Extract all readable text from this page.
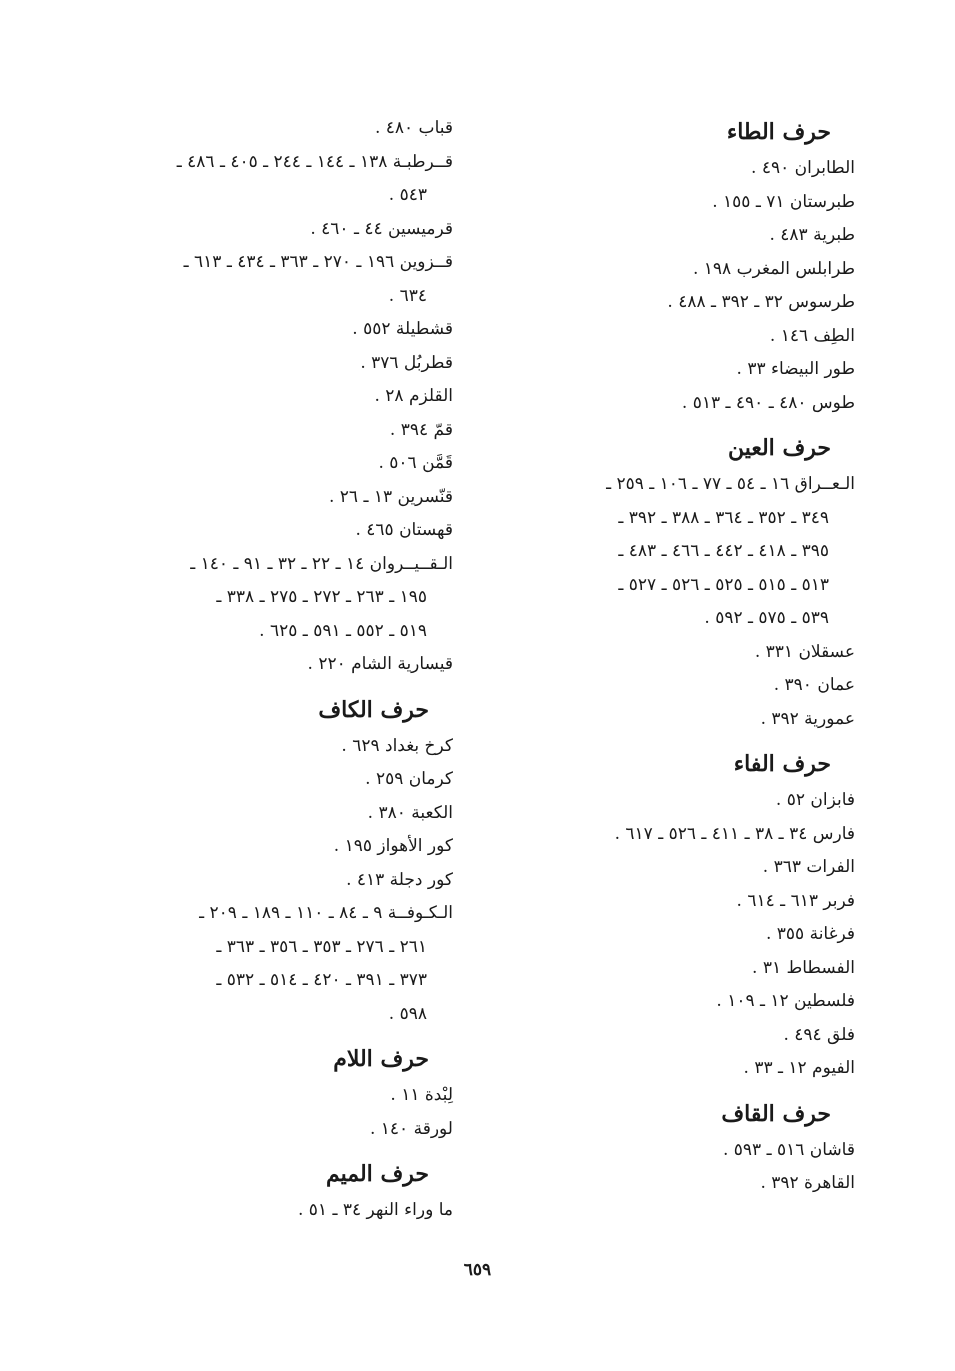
حرف الطاء
الطابران ٤٩٠ .
طبرستان ٧١ ـ ١٥٥ .
طبرية ٤٨٣ .
طرابلس المغرب ١٩٨ .
طرسوس ٣٢ ـ ٣٩٢ ـ ٤٨٨ .
الطِف ١٤٦ .
طور البيضاء ٣٣ .
طوس ٤٨٠ ـ ٤٩٠ ـ ٥١٣ .
حرف العين
الـعــراق ١٦ ـ ٥٤ ـ ٧٧ ـ ١٠٦ ـ ٢٥٩ ـ
٣٤٩ ـ ٣٥٢ ـ ٣٦٤ ـ ٣٨٨ ـ ٣٩٢ ـ
٣٩٥ ـ ٤١٨ ـ ٤٤٢ ـ ٤٦٦ ـ ٤٨٣ ـ
٥١٣ ـ ٥١٥ ـ ٥٢٥ ـ ٥٢٦ ـ ٥٢٧ ـ
٥٣٩ ـ ٥٧٥ ـ ٥٩٢ .
عسقلان ٣٣١ .
عمان ٣٩٠ .
عمورية ٣٩٢ .
حرف الفاء
فابزان ٥٢ .
فارس ٣٤ ـ ٣٨ ـ ٤١١ ـ ٥٢٦ ـ ٦١٧ .
الفرات ٣٦٣ .
فربر ٦١٣ ـ ٦١٤ .
فرغانة ٣٥٥ .
الفسطاط ٣١ .
فلسطين ١٢ ـ ١٠٩ .
فلق ٤٩٤ .
الفيوم ١٢ ـ ٣٣ .
حرف القاف
قاشان ٥١٦ ـ ٥٩٣ .
القاهرة ٣٩٢ .
قباب ٤٨٠ .
قــرطبـة ١٣٨ ـ ١٤٤ ـ ٢٤٤ ـ ٤٠٥ ـ ٤٨٦ ـ
٥٤٣ .
قرميسين ٤٤ ـ ٤٦٠ .
قــزوين ١٩٦ ـ ٢٧٠ ـ ٣٦٣ ـ ٤٣٤ ـ ٦١٣ ـ
٦٣٤ .
قشطيلة ٥٥٢ .
قطربُل ٣٧٦ .
القلزم ٢٨ .
قمّ ٣٩٤ .
قَمَّن ٥٠٦ .
قنّسرين ١٣ ـ ٢٦ .
قهستان ٤٦٥ .
الـقــيــروان ١٤ ـ ٢٢ ـ ٣٢ ـ ٩١ ـ ١٤٠ ـ
١٩٥ ـ ٢٦٣ ـ ٢٧٢ ـ ٢٧٥ ـ ٣٣٨ ـ
٥١٩ ـ ٥٥٢ ـ ٥٩١ ـ ٦٢٥ .
قيسارية الشام ٢٢٠ .
حرف الكاف
كرخ بغداد ٦٢٩ .
كرمان ٢٥٩ .
الكعبة ٣٨٠ .
كور الأهواز ١٩٥ .
كور دجلة ٤١٣ .
الـكـوفــة ٩ ـ ٨٤ ـ ١١٠ ـ ١٨٩ ـ ٢٠٩ ـ
٢٦١ ـ ٢٧٦ ـ ٣٥٣ ـ ٣٥٦ ـ ٣٦٣ ـ
٣٧٣ ـ ٣٩١ ـ ٤٢٠ ـ ٥١٤ ـ ٥٣٢ ـ
٥٩٨ .
حرف اللام
لِبْدة ١١ .
لورقة ١٤٠ .
حرف الميم
ما وراء النهر ٣٤ ـ ٥١ .
٦٥٩
